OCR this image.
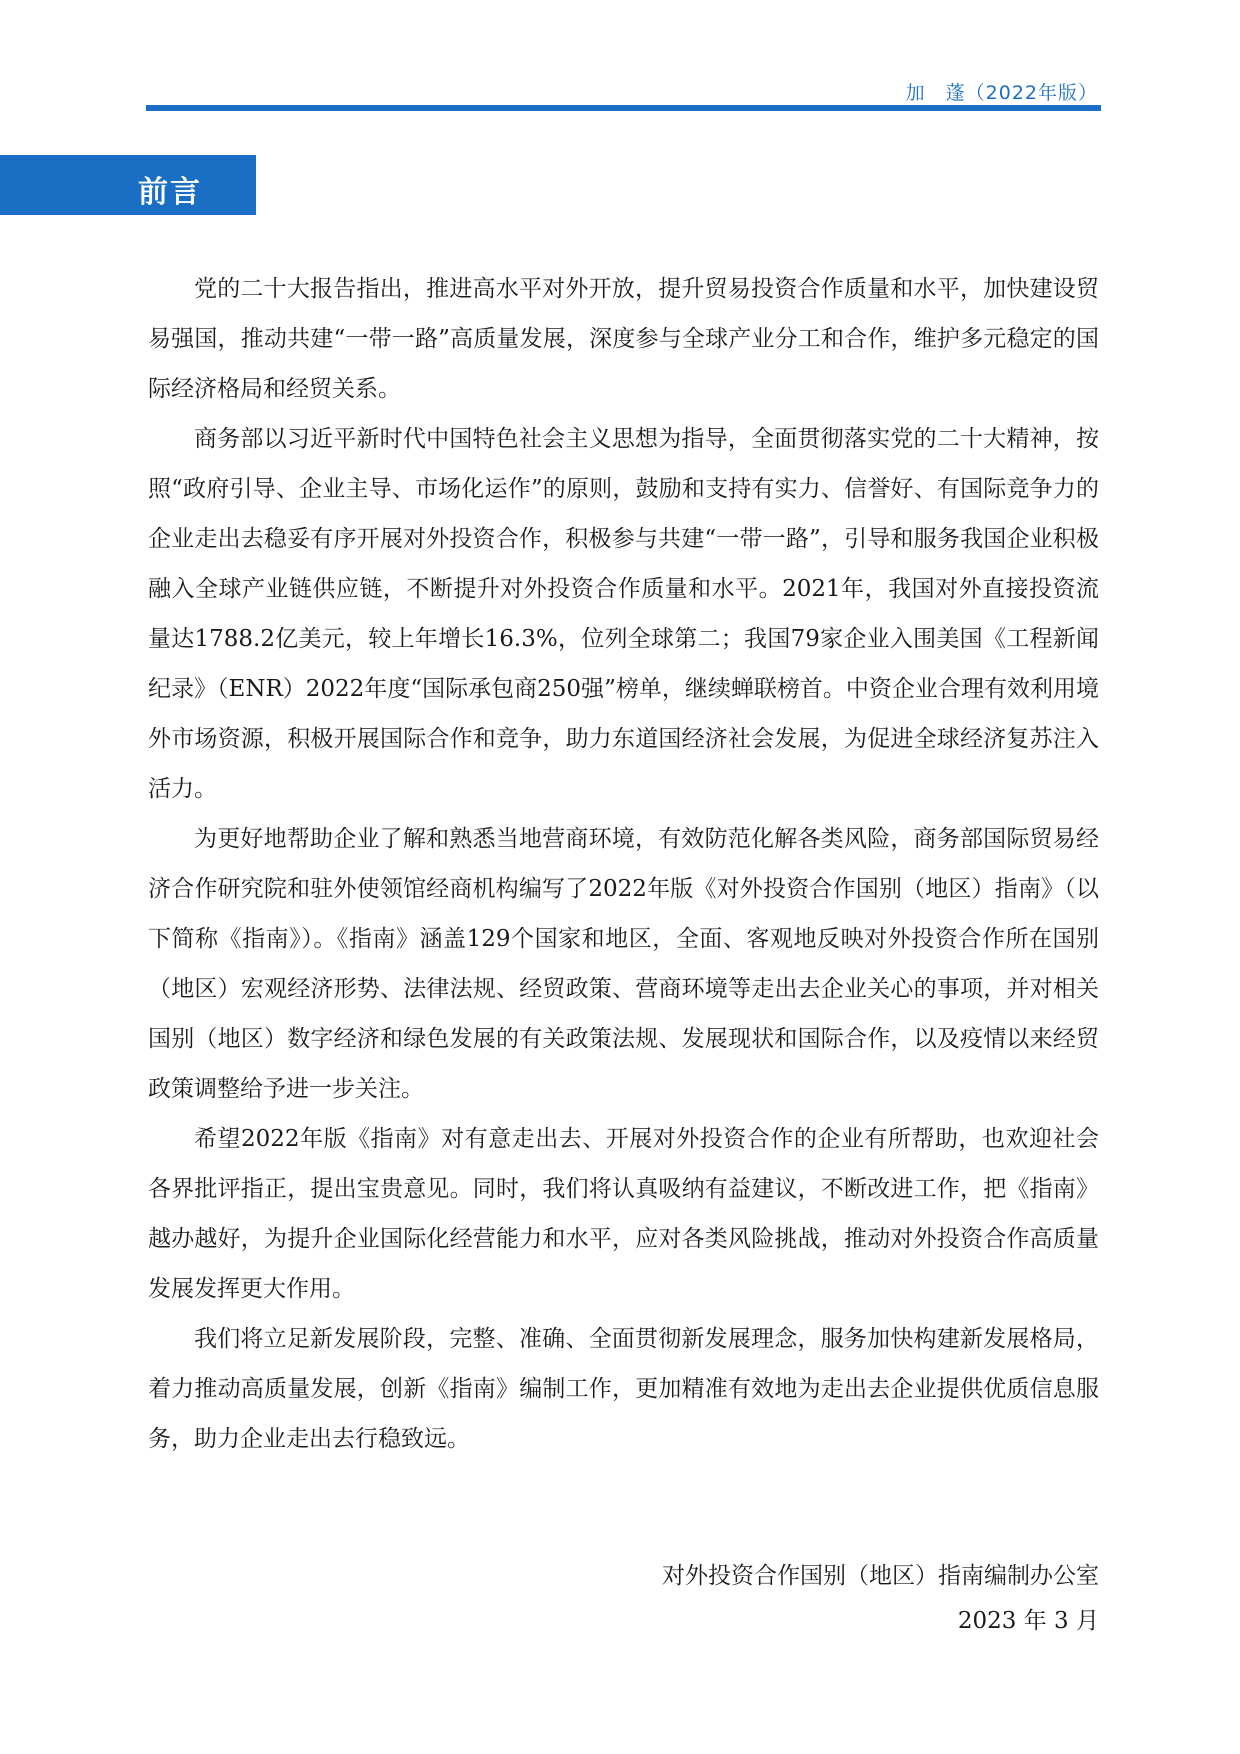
加　蓬（2022年版）
前言

党的二十大报告指出，推进高水平对外开放，提升贸易投资合作质量和水平，加快建设贸易强国，推动共建“一带一路”高质量发展，深度参与全球产业分工和合作，维护多元稳定的国际经济格局和经贸关系。

商务部以习近平新时代中国特色社会主义思想为指导，全面贯彻落实党的二十大精神，按照“政府引导、企业主导、市场化运作”的原则，鼓励和支持有实力、信誉好、有国际竞争力的企业走出去稳妥有序开展对外投资合作，积极参与共建“一带一路”，引导和服务我国企业积极融入全球产业链供应链，不断提升对外投资合作质量和水平。2021年，我国对外直接投资流量达1788.2亿美元，较上年增长16.3%，位列全球第二；我国79家企业入围美国《工程新闻纪录》（ENR）2022年度“国际承包商250强”榜单，继续蝉联榜首。中资企业合理有效利用境外市场资源，积极开展国际合作和竞争，助力东道国经济社会发展，为促进全球经济复苏注入活力。

为更好地帮助企业了解和熟悉当地营商环境，有效防范化解各类风险，商务部国际贸易经济合作研究院和驻外使领馆经商机构编写了2022年版《对外投资合作国别（地区）指南》（以下简称《指南》）。《指南》涵盖129个国家和地区，全面、客观地反映对外投资合作所在国别（地区）宏观经济形势、法律法规、经贸政策、营商环境等走出去企业关心的事项，并对相关国别（地区）数字经济和绿色发展的有关政策法规、发展现状和国际合作，以及疫情以来经贸政策调整给予进一步关注。

希望2022年版《指南》对有意走出去、开展对外投资合作的企业有所帮助，也欢迎社会各界批评指正，提出宝贵意见。同时，我们将认真吸纳有益建议，不断改进工作，把《指南》越办越好，为提升企业国际化经营能力和水平，应对各类风险挑战，推动对外投资合作高质量发展发挥更大作用。

我们将立足新发展阶段，完整、准确、全面贯彻新发展理念，服务加快构建新发展格局，着力推动高质量发展，创新《指南》编制工作，更加精准有效地为走出去企业提供优质信息服务，助力企业走出去行稳致远。

对外投资合作国别（地区）指南编制办公室
2023 年 3 月
